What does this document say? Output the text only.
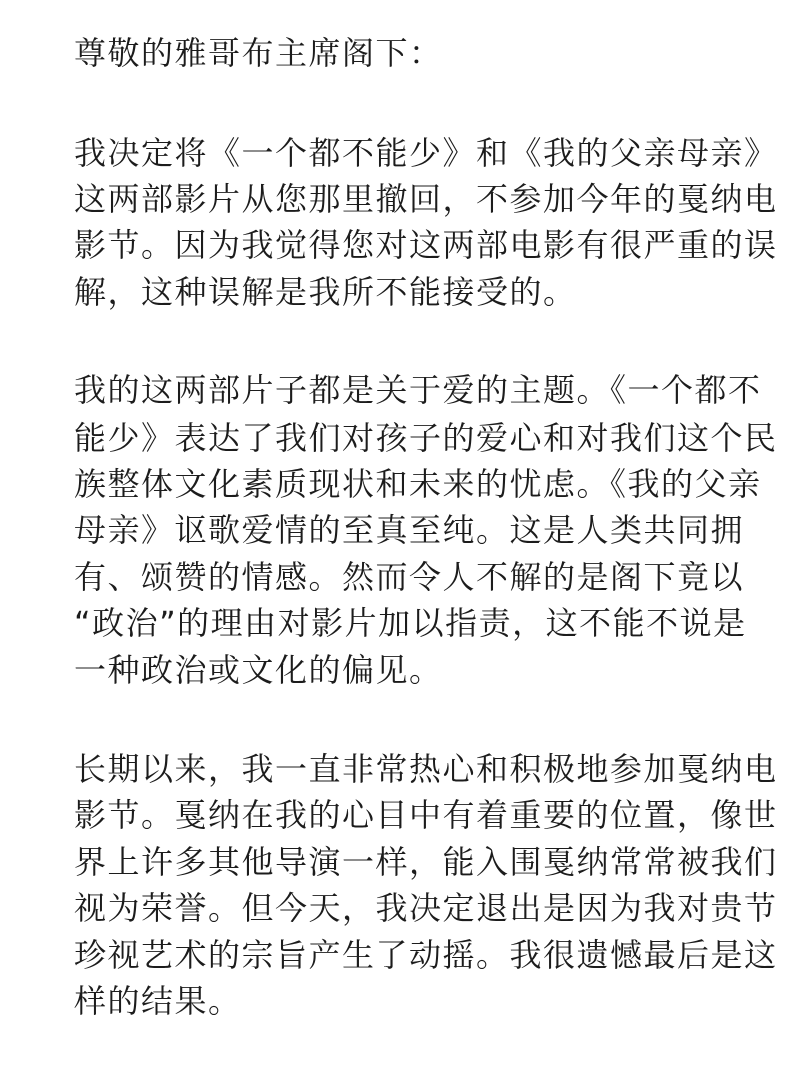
尊敬的雅哥布主席阁下：
我决定将《一个都不能少》和《我的父亲母亲》
这两部影片从您那里撤回，不参加今年的戛纳电
影节。因为我觉得您对这两部电影有很严重的误
解，这种误解是我所不能接受的。
我的这两部片子都是关于爱的主题。《一个都不
能少》表达了我们对孩子的爱心和对我们这个民
族整体文化素质现状和未来的忧虑。《我的父亲
母亲》讴歌爱情的至真至纯。这是人类共同拥
有、颂赞的情感。然而令人不解的是阁下竟以
“政治”的理由对影片加以指责，这不能不说是
一种政治或文化的偏见。
长期以来，我一直非常热心和积极地参加戛纳电
影节。戛纳在我的心目中有着重要的位置，像世
界上许多其他导演一样，能入围戛纳常常被我们
视为荣誉。但今天，我决定退出是因为我对贵节
珍视艺术的宗旨产生了动摇。我很遗憾最后是这
样的结果。
